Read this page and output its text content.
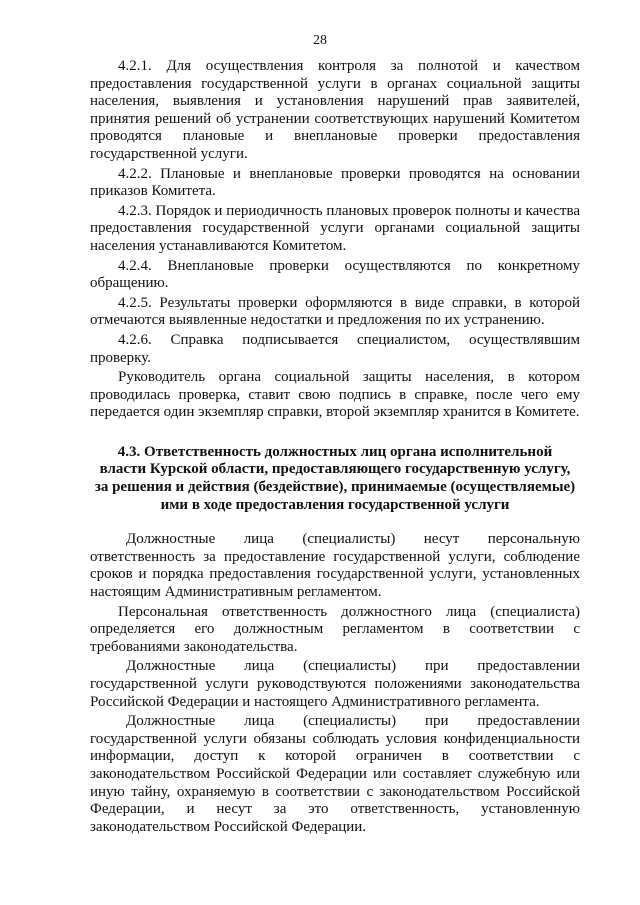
28

4.2.1. Для осуществления контроля за полнотой и качеством предоставления государственной услуги в органах социальной защиты населения, выявления и установления нарушений прав заявителей, принятия решений об устранении соответствующих нарушений Комитетом проводятся плановые и внеплановые проверки предоставления государственной услуги.

4.2.2. Плановые и внеплановые проверки проводятся на основании приказов Комитета.

4.2.3. Порядок и периодичность плановых проверок полноты и качества предоставления государственной услуги органами социальной защиты населения устанавливаются Комитетом.

4.2.4. Внеплановые проверки осуществляются по конкретному обращению.

4.2.5. Результаты проверки оформляются в виде справки, в которой отмечаются выявленные недостатки и предложения по их устранению.

4.2.6. Справка подписывается специалистом, осуществлявшим проверку.

Руководитель органа социальной защиты населения, в котором проводилась проверка, ставит свою подпись в справке, после чего ему передается один экземпляр справки, второй экземпляр хранится в Комитете.

4.3. Ответственность должностных лиц органа исполнительной
власти Курской области, предоставляющего государственную услугу,
за решения и действия (бездействие), принимаемые (осуществляемые)
ими в ходе предоставления государственной услуги

Должностные лица (специалисты) несут персональную ответственность за предоставление государственной услуги, соблюдение сроков и порядка предоставления государственной услуги, установленных настоящим Административным регламентом.

Персональная ответственность должностного лица (специалиста) определяется его должностным регламентом в соответствии с требованиями законодательства.

Должностные лица (специалисты) при предоставлении государственной услуги руководствуются положениями законодательства Российской Федерации и настоящего Административного регламента.

Должностные лица (специалисты) при предоставлении государственной услуги обязаны соблюдать условия конфиденциальности информации, доступ к которой ограничен в соответствии с законодательством Российской Федерации или составляет служебную или иную тайну, охраняемую в соответствии с законодательством Российской Федерации, и несут за это ответственность, установленную законодательством Российской Федерации.
